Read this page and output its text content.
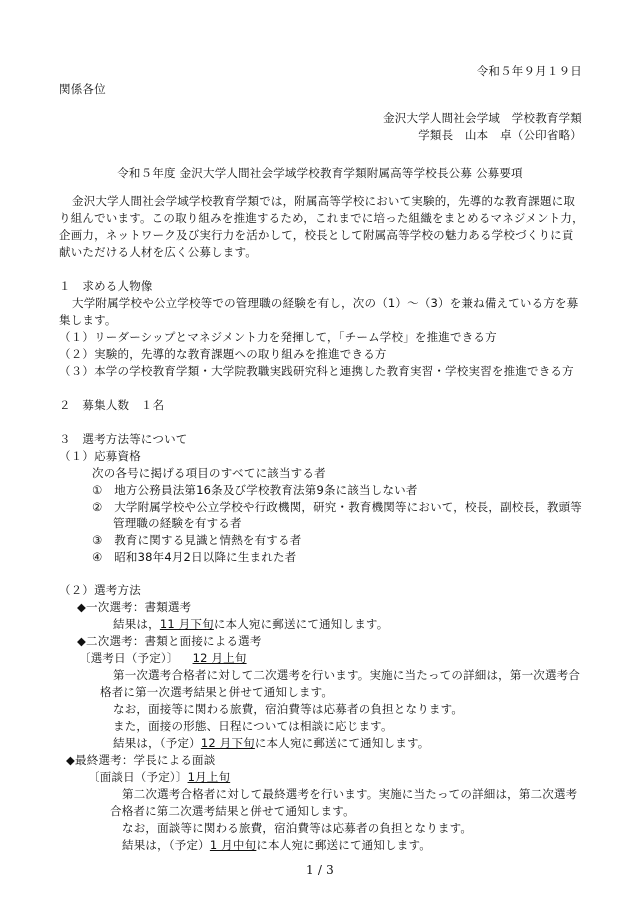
令和５年９月１９日
関係各位
金沢大学人間社会学域　学校教育学類
学類長　山本　卓（公印省略）
令和５年度 金沢大学人間社会学域学校教育学類附属高等学校長公募 公募要項
金沢大学人間社会学域学校教育学類では，附属高等学校において実験的，先導的な教育課題に取
り組んでいます。この取り組みを推進するため，これまでに培った組織をまとめるマネジメント力，
企画力，ネットワーク及び実行力を活かして，校長として附属高等学校の魅力ある学校づくりに貢
献いただける人材を広く公募します。
１　求める人物像
大学附属学校や公立学校等での管理職の経験を有し，次の（1）～（3）を兼ね備えている方を募
集します。
（１）リーダーシップとマネジメント力を発揮して，「チーム学校」を推進できる方
（２）実験的，先導的な教育課題への取り組みを推進できる方
（３）本学の学校教育学類・大学院教職実践研究科と連携した教育実習・学校実習を推進できる方
２　募集人数　１名
３　選考方法等について
（１）応募資格
次の各号に掲げる項目のすべてに該当する者
①　地方公務員法第16条及び学校教育法第9条に該当しない者
②　大学附属学校や公立学校や行政機関，研究・教育機関等において，校長，副校長，教頭等
管理職の経験を有する者
③　教育に関する見識と情熱を有する者
④　昭和38年4月2日以降に生まれた者
（２）選考方法
◆一次選考：書類選考
結果は，11 月下旬に本人宛に郵送にて通知します。
◆二次選考：書類と面接による選考
〔選考日（予定）〕 12 月上旬
第一次選考合格者に対して二次選考を行います。実施に当たっての詳細は，第一次選考合
格者に第一次選考結果と併せて通知します。
なお，面接等に関わる旅費，宿泊費等は応募者の負担となります。
また，面接の形態、日程については相談に応じます。
結果は，（予定）12 月下旬に本人宛に郵送にて通知します。
◆最終選考：学長による面談
〔面談日（予定）〕1月上旬
第二次選考合格者に対して最終選考を行います。実施に当たっての詳細は，第二次選考
合格者に第二次選考結果と併せて通知します。
なお，面談等に関わる旅費，宿泊費等は応募者の負担となります。
結果は，（予定）1 月中旬に本人宛に郵送にて通知します。
1 / 3
